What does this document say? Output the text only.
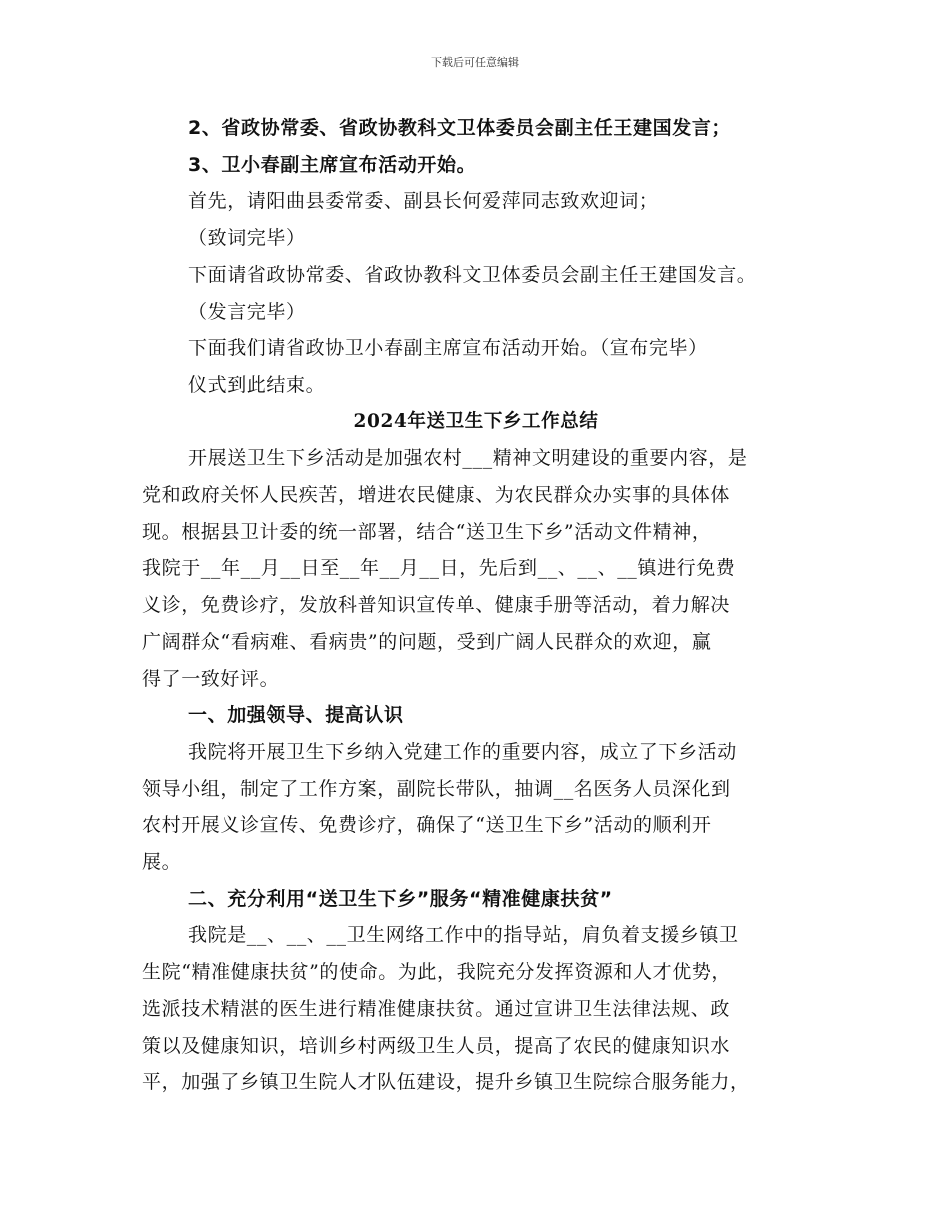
下载后可任意编辑
2、省政协常委、省政协教科文卫体委员会副主任王建国发言；
3、卫小春副主席宣布活动开始。
首先，请阳曲县委常委、副县长何爱萍同志致欢迎词；
（致词完毕）
下面请省政协常委、省政协教科文卫体委员会副主任王建国发言。
（发言完毕）
下面我们请省政协卫小春副主席宣布活动开始。（宣布完毕）
仪式到此结束。
2024年送卫生下乡工作总结
开展送卫生下乡活动是加强农村___精神文明建设的重要内容，是
党和政府关怀人民疾苦，增进农民健康、为农民群众办实事的具体体
现。根据县卫计委的统一部署，结合“送卫生下乡”活动文件精神，
我院于__年__月__日至__年__月__日，先后到__、__、__镇进行免费
义诊，免费诊疗，发放科普知识宣传单、健康手册等活动，着力解决
广阔群众“看病难、看病贵”的问题，受到广阔人民群众的欢迎，赢
得了一致好评。
一、加强领导、提高认识
我院将开展卫生下乡纳入党建工作的重要内容，成立了下乡活动
领导小组，制定了工作方案，副院长带队，抽调__名医务人员深化到
农村开展义诊宣传、免费诊疗，确保了“送卫生下乡”活动的顺利开
展。
二、充分利用“送卫生下乡”服务“精准健康扶贫”
我院是__、__、__卫生网络工作中的指导站，肩负着支援乡镇卫
生院“精准健康扶贫”的使命。为此，我院充分发挥资源和人才优势，
选派技术精湛的医生进行精准健康扶贫。通过宣讲卫生法律法规、政
策以及健康知识，培训乡村两级卫生人员，提高了农民的健康知识水
平，加强了乡镇卫生院人才队伍建设，提升乡镇卫生院综合服务能力，
